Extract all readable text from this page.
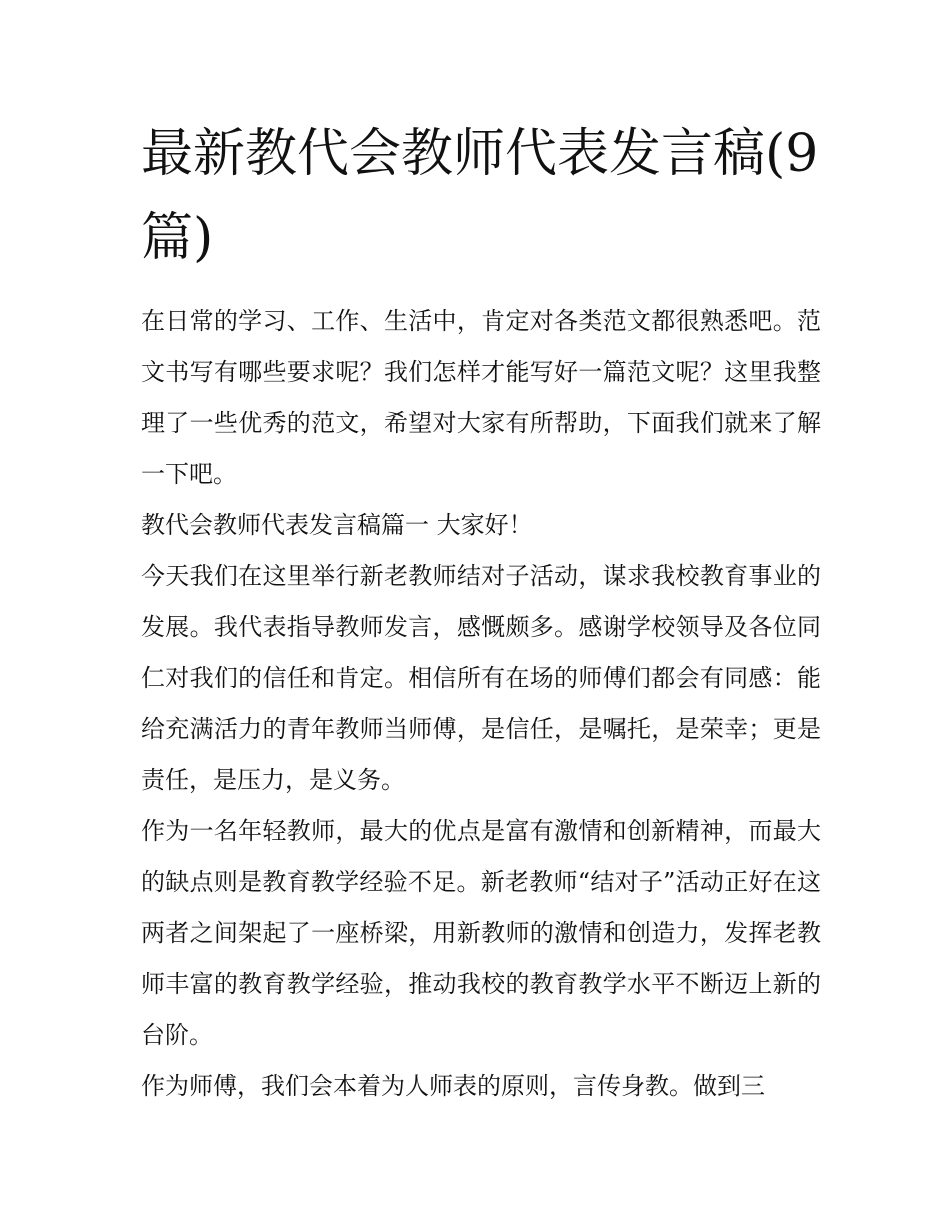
最新教代会教师代表发言稿(9篇)

在日常的学习、工作、生活中，肯定对各类范文都很熟悉吧。范文书写有哪些要求呢？我们怎样才能写好一篇范文呢？这里我整理了一些优秀的范文，希望对大家有所帮助，下面我们就来了解一下吧。

教代会教师代表发言稿篇一 大家好！

今天我们在这里举行新老教师结对子活动，谋求我校教育事业的发展。我代表指导教师发言，感慨颇多。感谢学校领导及各位同仁对我们的信任和肯定。相信所有在场的师傅们都会有同感：能给充满活力的青年教师当师傅，是信任，是嘱托，是荣幸；更是责任，是压力，是义务。

作为一名年轻教师，最大的优点是富有激情和创新精神，而最大的缺点则是教育教学经验不足。新老教师“结对子”活动正好在这两者之间架起了一座桥梁，用新教师的激情和创造力，发挥老教师丰富的教育教学经验，推动我校的教育教学水平不断迈上新的台阶。

作为师傅，我们会本着为人师表的原则，言传身教。做到三
